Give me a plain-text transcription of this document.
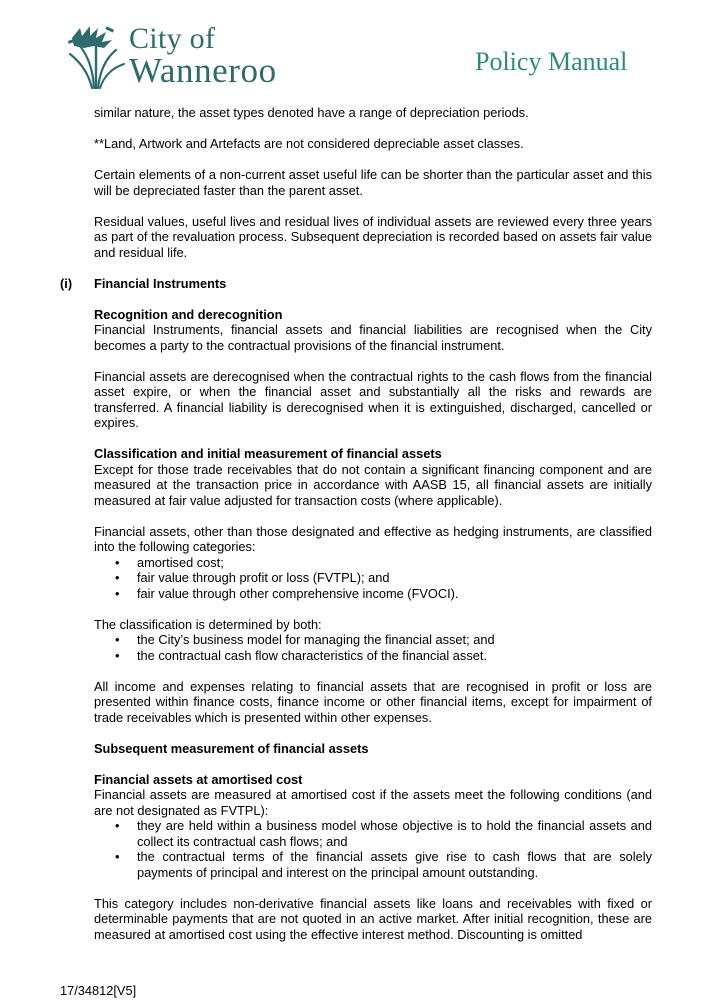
City of
Wanneroo	Policy Manual

similar nature, the asset types denoted have a range of depreciation periods.

**Land, Artwork and Artefacts are not considered depreciable asset classes.

Certain elements of a non-current asset useful life can be shorter than the particular asset and this will be depreciated faster than the parent asset.

Residual values, useful lives and residual lives of individual assets are reviewed every three years as part of the revaluation process. Subsequent depreciation is recorded based on assets fair value and residual life.

(i) Financial Instruments

Recognition and derecognition

Financial Instruments, financial assets and financial liabilities are recognised when the City becomes a party to the contractual provisions of the financial instrument.

Financial assets are derecognised when the contractual rights to the cash flows from the financial asset expire, or when the financial asset and substantially all the risks and rewards are transferred. A financial liability is derecognised when it is extinguished, discharged, cancelled or expires.

Classification and initial measurement of financial assets

Except for those trade receivables that do not contain a significant financing component and are measured at the transaction price in accordance with AASB 15, all financial assets are initially measured at fair value adjusted for transaction costs (where applicable).

Financial assets, other than those designated and effective as hedging instruments, are classified into the following categories:

• amortised cost;
• fair value through profit or loss (FVTPL); and
• fair value through other comprehensive income (FVOCI).

The classification is determined by both:

• the City’s business model for managing the financial asset; and
• the contractual cash flow characteristics of the financial asset.

All income and expenses relating to financial assets that are recognised in profit or loss are presented within finance costs, finance income or other financial items, except for impairment of trade receivables which is presented within other expenses.

Subsequent measurement of financial assets

Financial assets at amortised cost

Financial assets are measured at amortised cost if the assets meet the following conditions (and are not designated as FVTPL):

• they are held within a business model whose objective is to hold the financial assets and collect its contractual cash flows; and
• the contractual terms of the financial assets give rise to cash flows that are solely payments of principal and interest on the principal amount outstanding.

This category includes non-derivative financial assets like loans and receivables with fixed or determinable payments that are not quoted in an active market. After initial recognition, these are measured at amortised cost using the effective interest method. Discounting is omitted

17/34812[V5]
